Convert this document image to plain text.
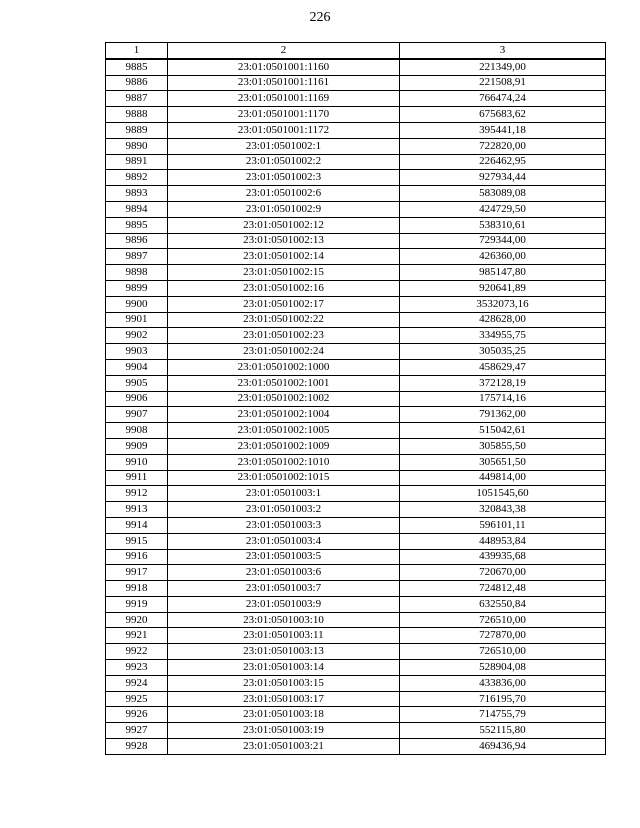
226
1	2	3
9885	23:01:0501001:1160	221349,00
9886	23:01:0501001:1161	221508,91
9887	23:01:0501001:1169	766474,24
9888	23:01:0501001:1170	675683,62
9889	23:01:0501001:1172	395441,18
9890	23:01:0501002:1	722820,00
9891	23:01:0501002:2	226462,95
9892	23:01:0501002:3	927934,44
9893	23:01:0501002:6	583089,08
9894	23:01:0501002:9	424729,50
9895	23:01:0501002:12	538310,61
9896	23:01:0501002:13	729344,00
9897	23:01:0501002:14	426360,00
9898	23:01:0501002:15	985147,80
9899	23:01:0501002:16	920641,89
9900	23:01:0501002:17	3532073,16
9901	23:01:0501002:22	428628,00
9902	23:01:0501002:23	334955,75
9903	23:01:0501002:24	305035,25
9904	23:01:0501002:1000	458629,47
9905	23:01:0501002:1001	372128,19
9906	23:01:0501002:1002	175714,16
9907	23:01:0501002:1004	791362,00
9908	23:01:0501002:1005	515042,61
9909	23:01:0501002:1009	305855,50
9910	23:01:0501002:1010	305651,50
9911	23:01:0501002:1015	449814,00
9912	23:01:0501003:1	1051545,60
9913	23:01:0501003:2	320843,38
9914	23:01:0501003:3	596101,11
9915	23:01:0501003:4	448953,84
9916	23:01:0501003:5	439935,68
9917	23:01:0501003:6	720670,00
9918	23:01:0501003:7	724812,48
9919	23:01:0501003:9	632550,84
9920	23:01:0501003:10	726510,00
9921	23:01:0501003:11	727870,00
9922	23:01:0501003:13	726510,00
9923	23:01:0501003:14	528904,08
9924	23:01:0501003:15	433836,00
9925	23:01:0501003:17	716195,70
9926	23:01:0501003:18	714755,79
9927	23:01:0501003:19	552115,80
9928	23:01:0501003:21	469436,94
